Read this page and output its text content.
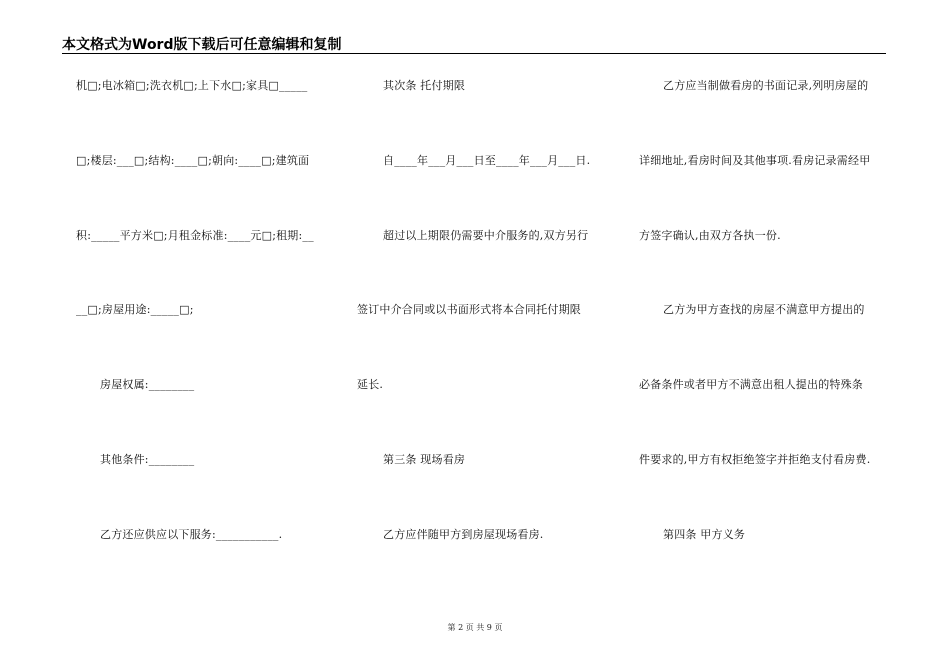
本文格式为Word版下载后可任意编辑和复制
机□;电冰箱□;洗衣机□;上下水□;家具□_____
□;楼层:___□;结构:____□;朝向:____□;建筑面
积:_____平方米□;月租金标准:____元□;租期:__
__□;房屋用途:_____□;
房屋权属:________
其他条件:________
乙方还应供应以下服务:___________.
其次条 托付期限
自____年___月___日至____年___月___日.
超过以上期限仍需要中介服务的,双方另行
签订中介合同或以书面形式将本合同托付期限
延长.
第三条 现场看房
乙方应伴随甲方到房屋现场看房.
乙方应当制做看房的书面记录,列明房屋的
详细地址,看房时间及其他事项.看房记录需经甲
方签字确认,由双方各执一份.
乙方为甲方查找的房屋不满意甲方提出的
必备条件或者甲方不满意出租人提出的特殊条
件要求的,甲方有权拒绝签字并拒绝支付看房费.
第四条 甲方义务
第 2 页 共 9 页
